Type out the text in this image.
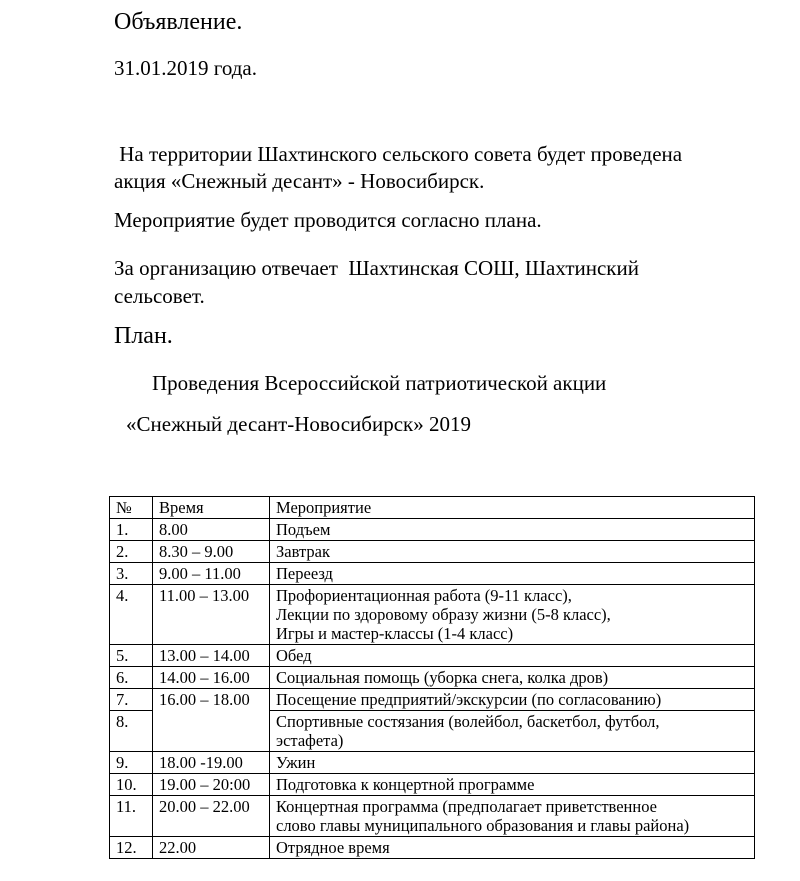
Объявление.
31.01.2019 года.
На территории Шахтинского сельского совета будет проведена
акция «Снежный десант» - Новосибирск.
Мероприятие будет проводится согласно плана.
За организацию отвечает  Шахтинская СОШ, Шахтинский
сельсовет.
План.
Проведения Всероссийской патриотической акции
«Снежный десант-Новосибирск» 2019
№	Время	Мероприятие
1.	8.00	Подъем

2.	8.30 – 9.00	Завтрак

3.	9.00 – 11.00	Переезд

4.	11.00 – 13.00	Профориентационная работа (9-11 класс),
Лекции по здоровому образу жизни (5-8 класс),
Игры и мастер-классы (1-4 класс)

5.	13.00 – 14.00	Обед

6.	14.00 – 16.00	Социальная помощь (уборка снега, колка дров)

7.	16.00 – 18.00	Посещение предприятий/экскурсии (по согласованию)

8.		Спортивные состязания (волейбол, баскетбол, футбол,
эстафета)

9.	18.00 -19.00	Ужин

10.	19.00 – 20:00	Подготовка к концертной программе

11.	20.00 – 22.00	Концертная программа (предполагает приветственное
слово главы муниципального образования и главы района)

12.	22.00	Отрядное время
